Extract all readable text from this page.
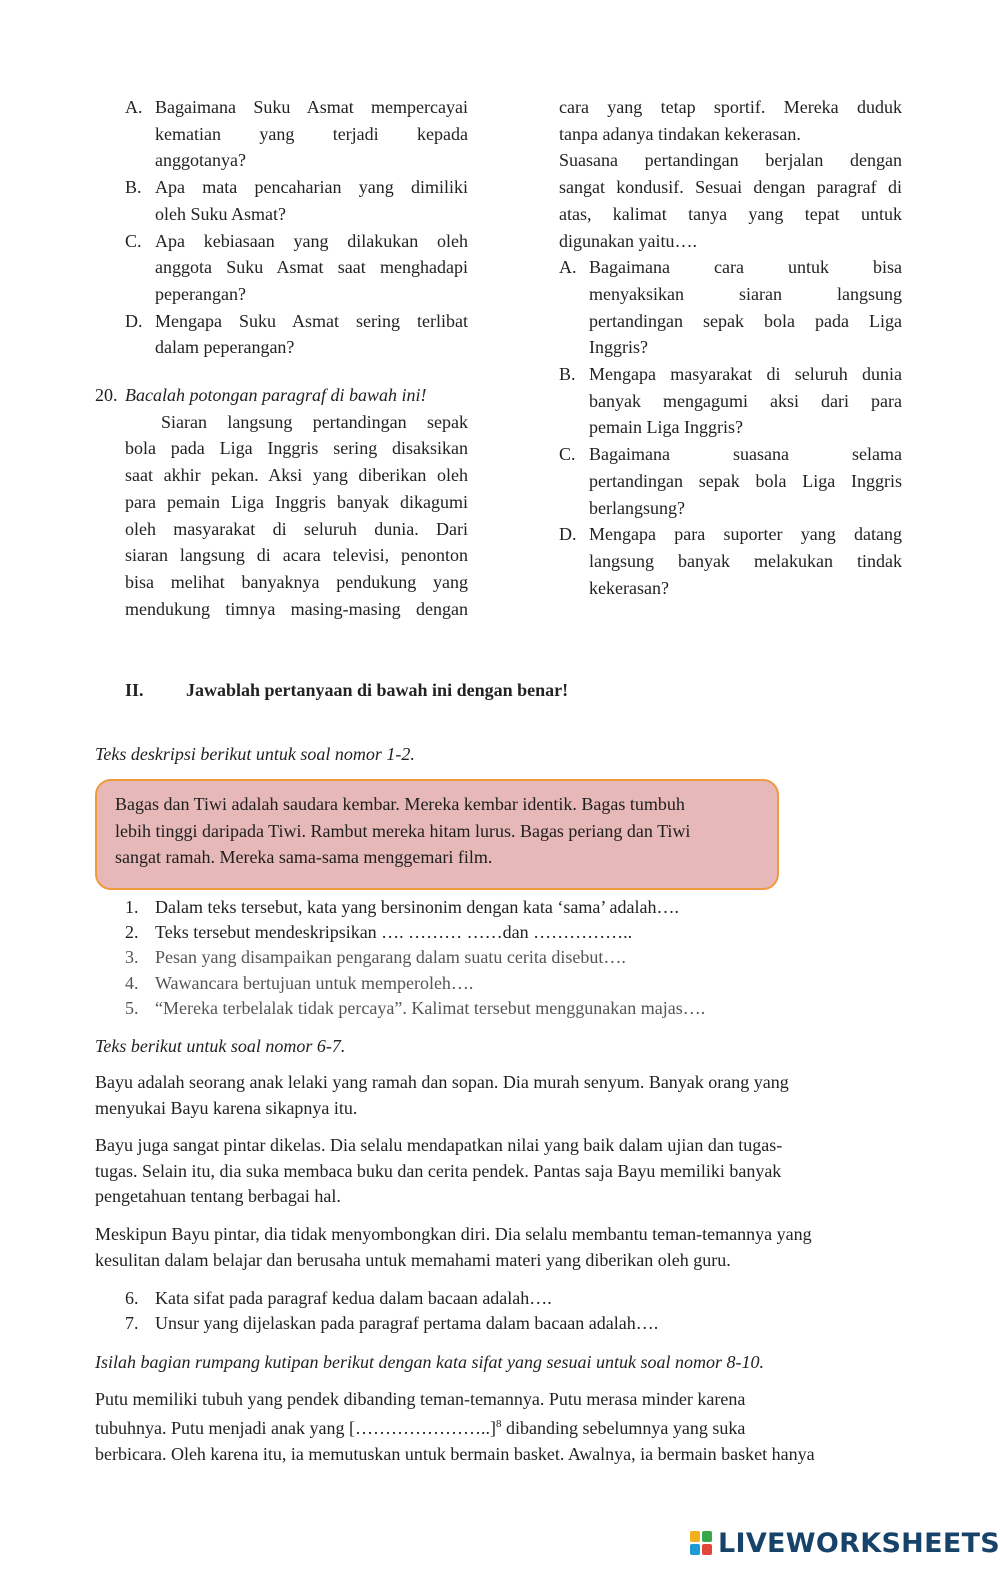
A. Bagaimana Suku Asmat mempercayai
kematian yang terjadi kepada
anggotanya?
B. Apa mata pencaharian yang dimiliki
oleh Suku Asmat?
C. Apa kebiasaan yang dilakukan oleh
anggota Suku Asmat saat menghadapi
peperangan?
D. Mengapa Suku Asmat sering terlibat
dalam peperangan?
20. Bacalah potongan paragraf di bawah ini!
Siaran langsung pertandingan sepak
bola pada Liga Inggris sering disaksikan
saat akhir pekan. Aksi yang diberikan oleh
para pemain Liga Inggris banyak dikagumi
oleh masyarakat di seluruh dunia. Dari
siaran langsung di acara televisi, penonton
bisa melihat banyaknya pendukung yang
mendukung timnya masing-masing dengan
cara yang tetap sportif. Mereka duduk
tanpa adanya tindakan kekerasan.
Suasana pertandingan berjalan dengan
sangat kondusif. Sesuai dengan paragraf di
atas, kalimat tanya yang tepat untuk
digunakan yaitu….
A. Bagaimana cara untuk bisa
menyaksikan siaran langsung
pertandingan sepak bola pada Liga
Inggris?
B. Mengapa masyarakat di seluruh dunia
banyak mengagumi aksi dari para
pemain Liga Inggris?
C. Bagaimana suasana selama
pertandingan sepak bola Liga Inggris
berlangsung?
D. Mengapa para suporter yang datang
langsung banyak melakukan tindak
kekerasan?
II. Jawablah pertanyaan di bawah ini dengan benar!
Teks deskripsi berikut untuk soal nomor 1-2.
Bagas dan Tiwi adalah saudara kembar. Mereka kembar identik. Bagas tumbuh
lebih tinggi daripada Tiwi. Rambut mereka hitam lurus. Bagas periang dan Tiwi
sangat ramah. Mereka sama-sama menggemari film.
1. Dalam teks tersebut, kata yang bersinonim dengan kata ‘sama’ adalah….
2. Teks tersebut mendeskripsikan …. ……… ……dan ……………..
3. Pesan yang disampaikan pengarang dalam suatu cerita disebut….
4. Wawancara bertujuan untuk memperoleh….
5. “Mereka terbelalak tidak percaya”. Kalimat tersebut menggunakan majas….
Teks berikut untuk soal nomor 6-7.
Bayu adalah seorang anak lelaki yang ramah dan sopan. Dia murah senyum. Banyak orang yang
menyukai Bayu karena sikapnya itu.
Bayu juga sangat pintar dikelas. Dia selalu mendapatkan nilai yang baik dalam ujian dan tugas-
tugas. Selain itu, dia suka membaca buku dan cerita pendek. Pantas saja Bayu memiliki banyak
pengetahuan tentang berbagai hal.
Meskipun Bayu pintar, dia tidak menyombongkan diri. Dia selalu membantu teman-temannya yang
kesulitan dalam belajar dan berusaha untuk memahami materi yang diberikan oleh guru.
6. Kata sifat pada paragraf kedua dalam bacaan adalah….
7. Unsur yang dijelaskan pada paragraf pertama dalam bacaan adalah….
Isilah bagian rumpang kutipan berikut dengan kata sifat yang sesuai untuk soal nomor 8-10.
Putu memiliki tubuh yang pendek dibanding teman-temannya. Putu merasa minder karena
tubuhnya. Putu menjadi anak yang […………………..]$^8$ dibanding sebelumnya yang suka
berbicara. Oleh karena itu, ia memutuskan untuk bermain basket. Awalnya, ia bermain basket hanya
LIVEWORKSHEETS
